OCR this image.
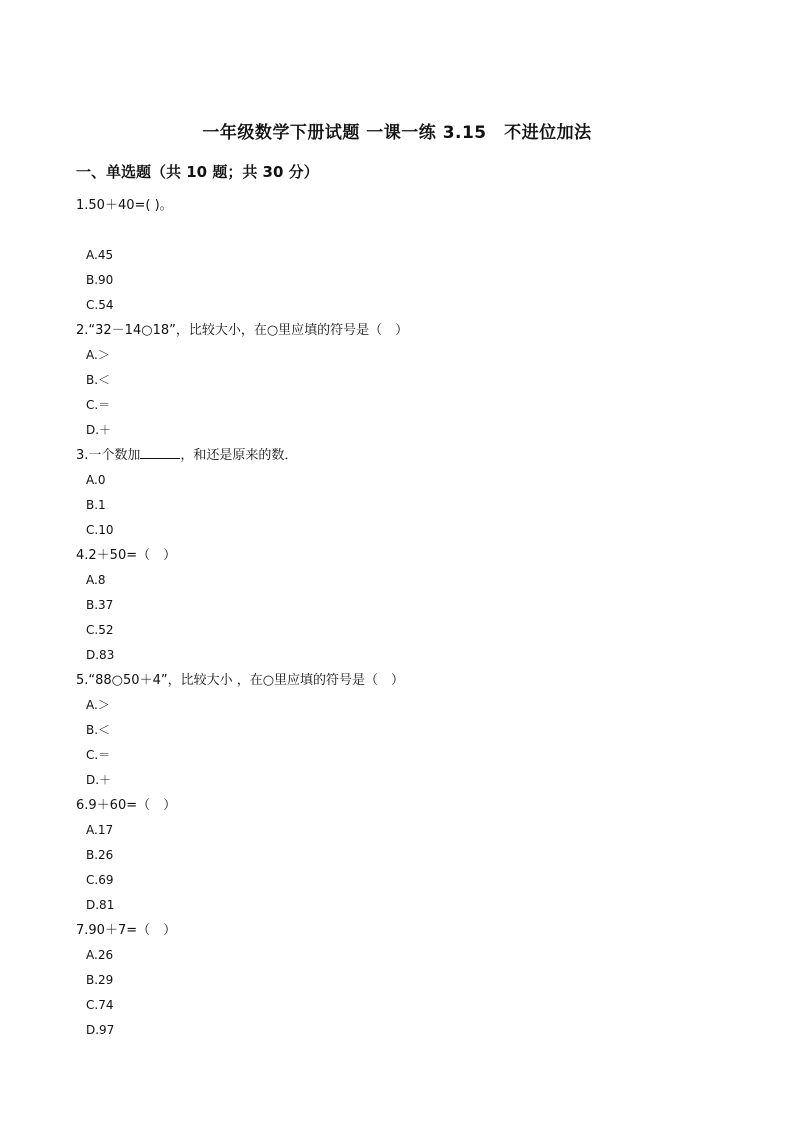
一年级数学下册试题 一课一练 3.15　不进位加法
一、单选题（共 10 题；共 30 分）
1.50＋40=( )。
A.45
B.90
C.54
2.“32－14○18”，比较大小，在○里应填的符号是（　）
A.＞
B.＜
C.＝
D.＋
3.一个数加	，和还是原来的数．
A.0
B.1
C.10
4.2＋50=（　）
A.8
B.37
C.52
D.83
5.“88○50＋4”，比较大小 ，在○里应填的符号是（　）
A.＞
B.＜
C.＝
D.＋
6.9＋60=（　）
A.17
B.26
C.69
D.81
7.90＋7=（　）
A.26
B.29
C.74
D.97
